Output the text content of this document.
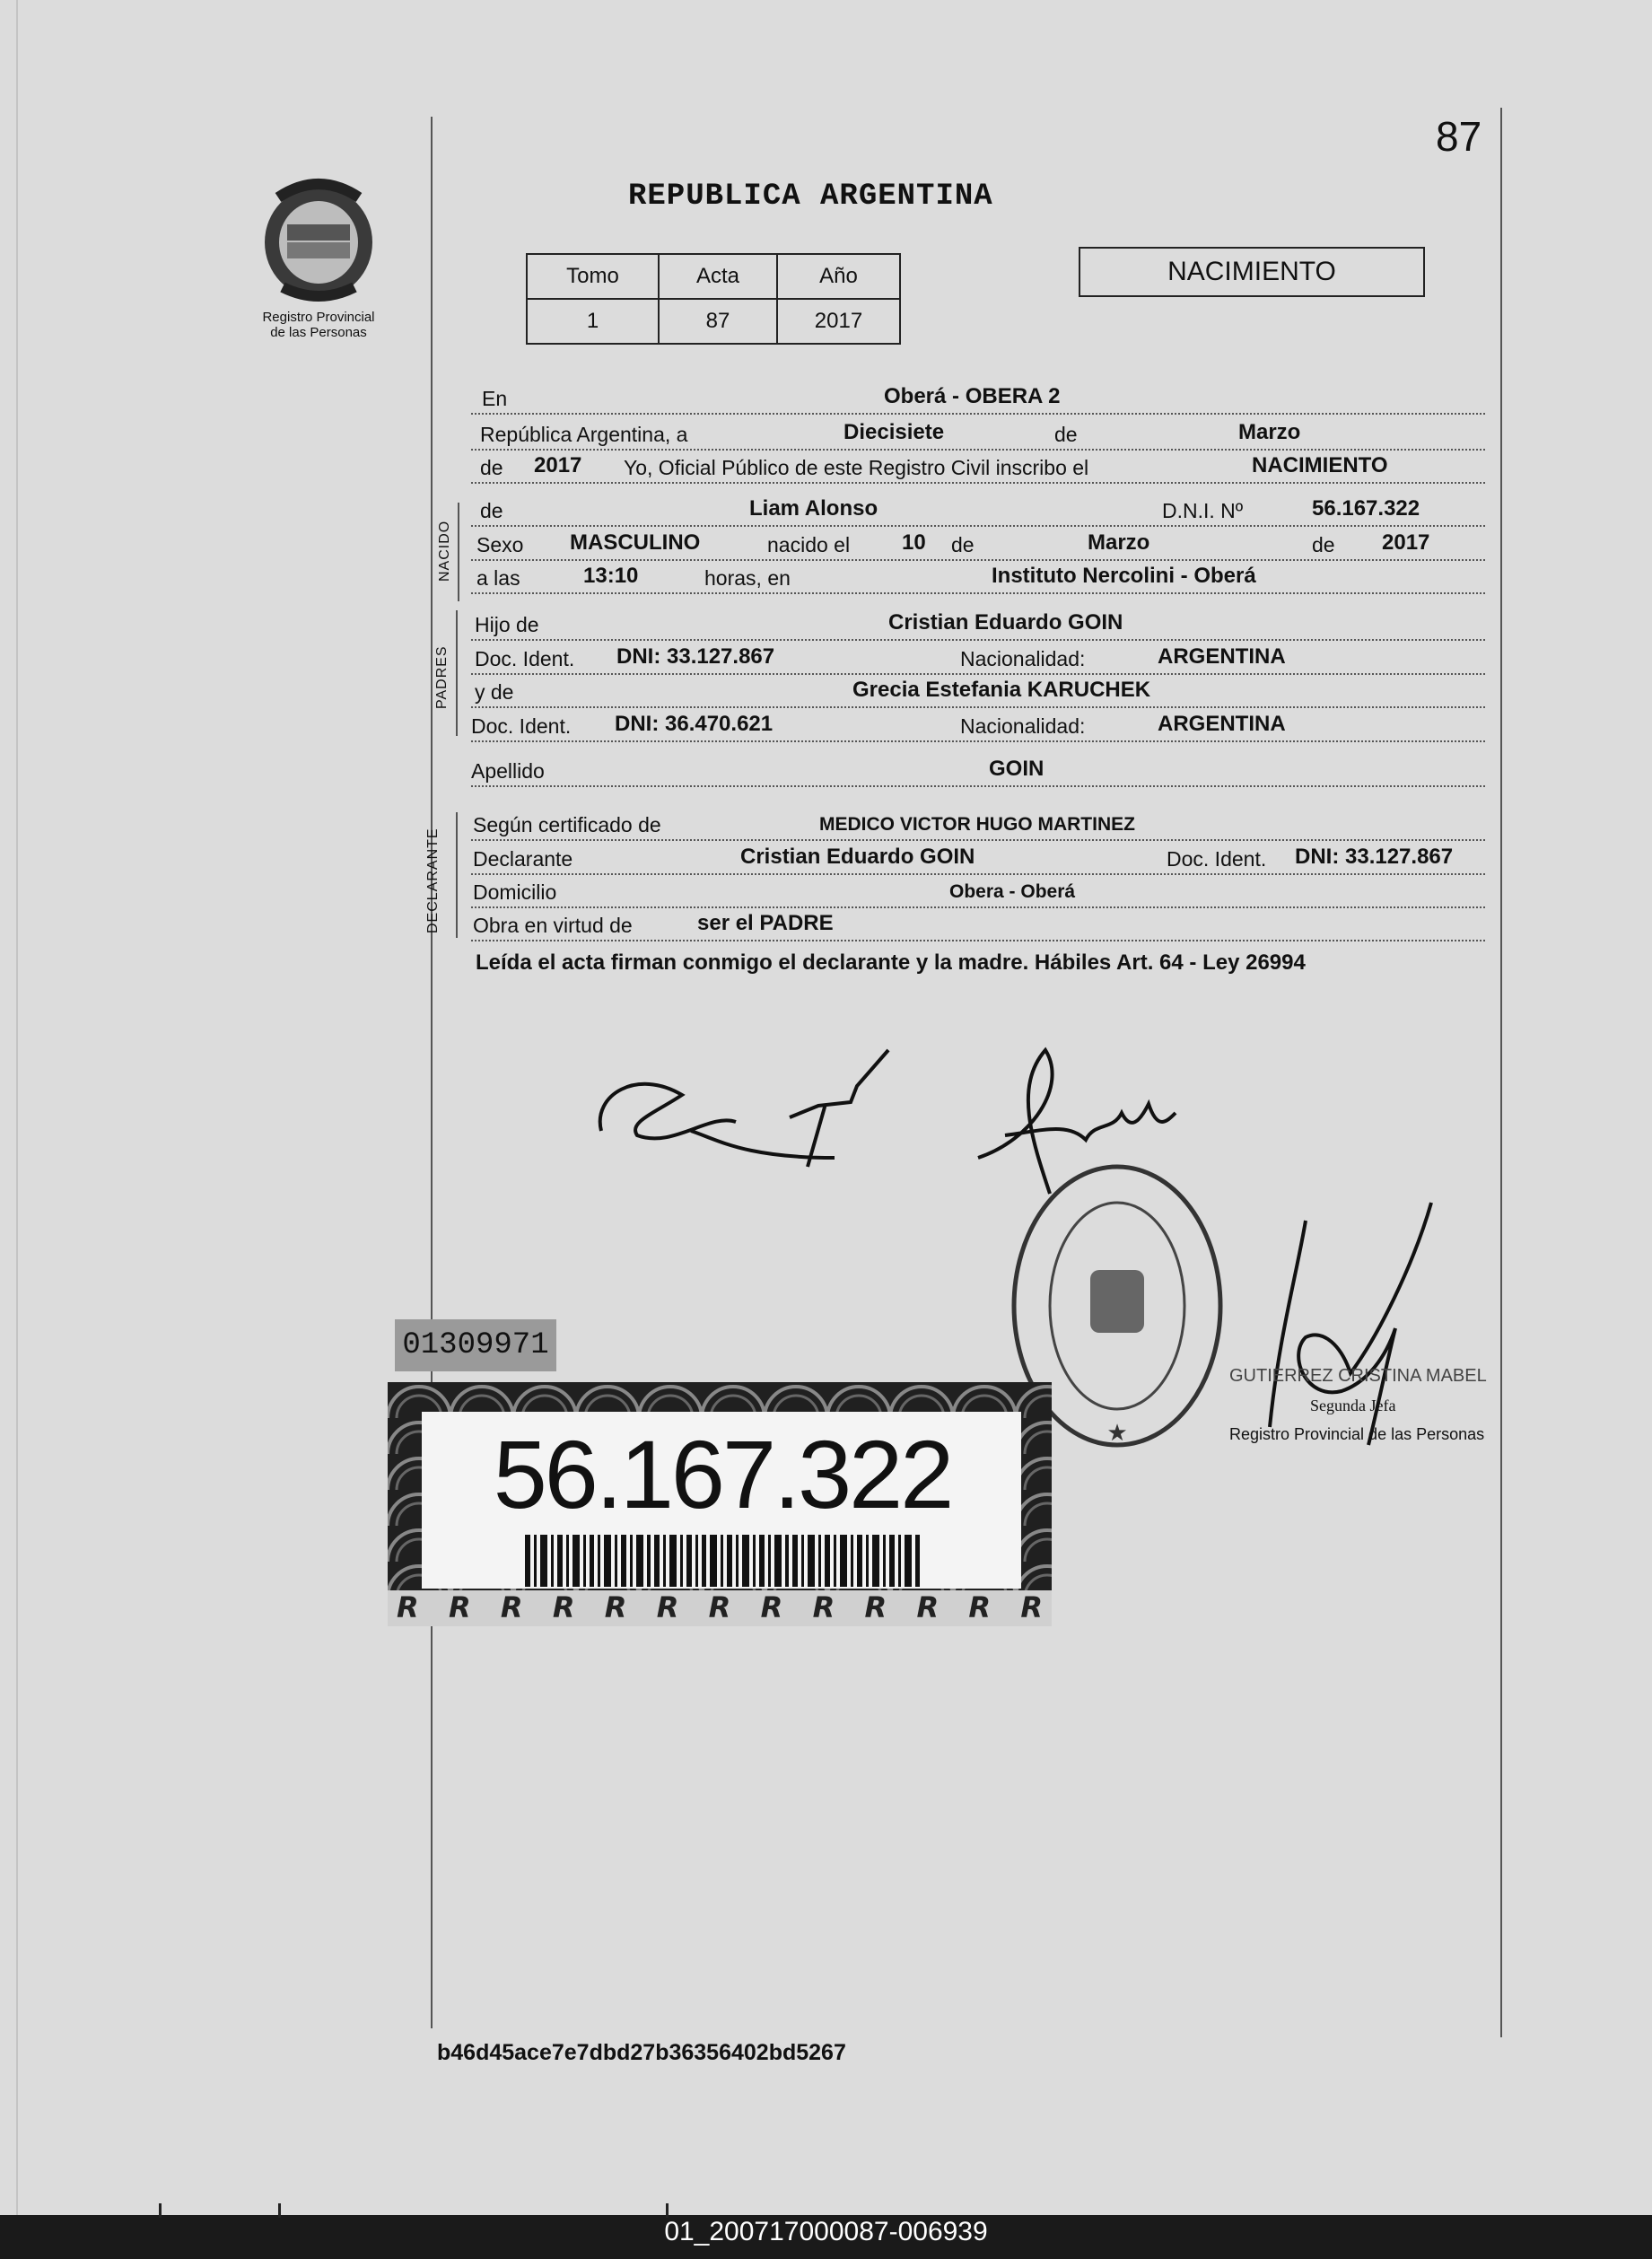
87
Registro Provincial
de las Personas
REPUBLICA ARGENTINA
Tomo	Acta	Año
1	87	2017
NACIMIENTO
En	Oberá - OBERA 2
República Argentina, a	Diecisiete	de	Marzo
de 2017 Yo, Oficial Público de este Registro Civil inscribo el	NACIMIENTO
NACIDO
de	Liam Alonso	D.N.I. Nº	56.167.322
Sexo MASCULINO	nacido el 10 de	Marzo	de 2017
a las	13:10	horas, en	Instituto Nercolini - Oberá
PADRES
Hijo de	Cristian Eduardo GOIN
Doc. Ident. DNI: 33.127.867	Nacionalidad:	ARGENTINA
y de	Grecia Estefania KARUCHEK
Doc. Ident. DNI: 36.470.621	Nacionalidad:	ARGENTINA
Apellido	GOIN
DECLARANTE
Según certificado de	MEDICO VICTOR HUGO MARTINEZ
Declarante	Cristian Eduardo GOIN	Doc. Ident. DNI: 33.127.867
Domicilio	Obera - Oberá
Obra en virtud de	ser el PADRE
Leída el acta firman conmigo el declarante y la madre. Hábiles Art. 64 - Ley 26994
★
GUTIERREZ CRISTINA MABEL
Segunda Jefa
Registro Provincial de las Personas
01309971
R R R R R R R R R R R R R
56.167.322
b46d45ace7e7dbd27b36356402bd5267
01_200717000087-006939
